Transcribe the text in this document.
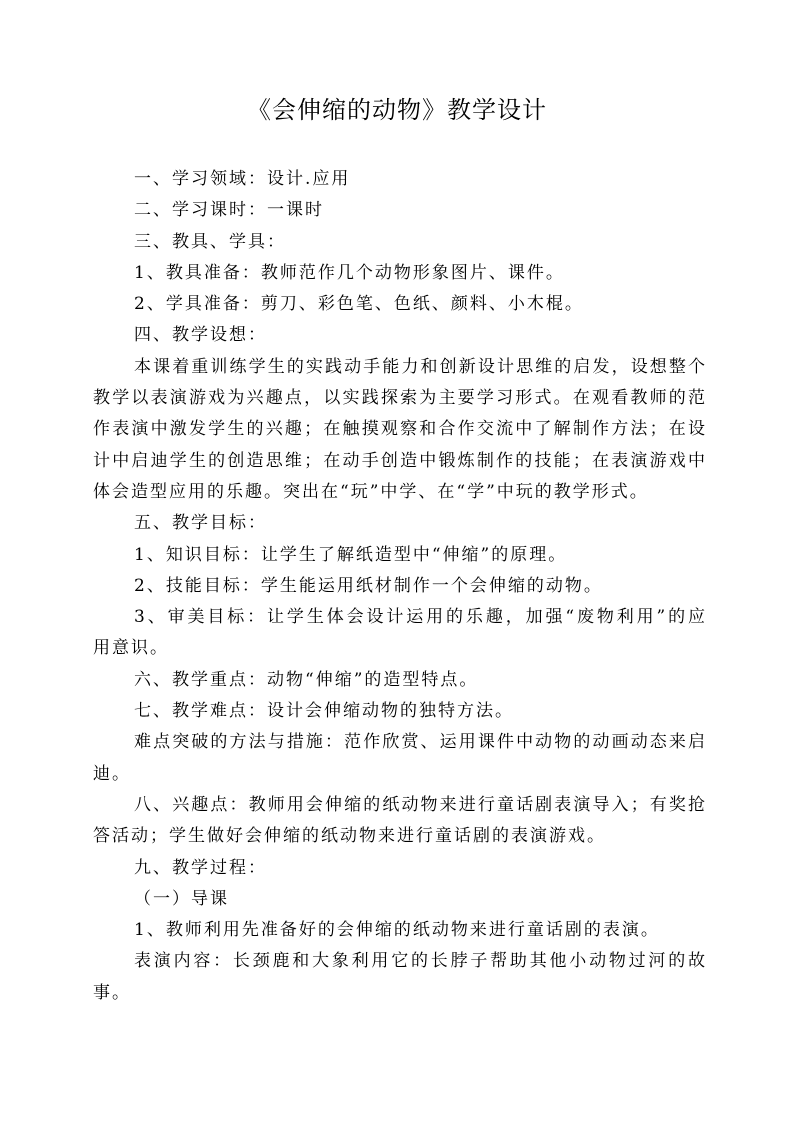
《会伸缩的动物》教学设计
一、学习领域：设计.应用
二、学习课时：一课时
三、教具、学具：
1、教具准备：教师范作几个动物形象图片、课件。
2、学具准备：剪刀、彩色笔、色纸、颜料、小木棍。
四、教学设想：
本课着重训练学生的实践动手能力和创新设计思维的启发，设想整个
教学以表演游戏为兴趣点，以实践探索为主要学习形式。在观看教师的范
作表演中激发学生的兴趣；在触摸观察和合作交流中了解制作方法；在设
计中启迪学生的创造思维；在动手创造中锻炼制作的技能；在表演游戏中
体会造型应用的乐趣。突出在“玩”中学、在“学”中玩的教学形式。
五、教学目标：
1、知识目标：让学生了解纸造型中“伸缩”的原理。
2、技能目标：学生能运用纸材制作一个会伸缩的动物。
3、审美目标：让学生体会设计运用的乐趣，加强“废物利用”的应
用意识。
六、教学重点：动物“伸缩”的造型特点。
七、教学难点：设计会伸缩动物的独特方法。
难点突破的方法与措施：范作欣赏、运用课件中动物的动画动态来启
迪。
八、兴趣点：教师用会伸缩的纸动物来进行童话剧表演导入；有奖抢
答活动；学生做好会伸缩的纸动物来进行童话剧的表演游戏。
九、教学过程：
（一）导课
1、教师利用先准备好的会伸缩的纸动物来进行童话剧的表演。
表演内容：长颈鹿和大象利用它的长脖子帮助其他小动物过河的故
事。
